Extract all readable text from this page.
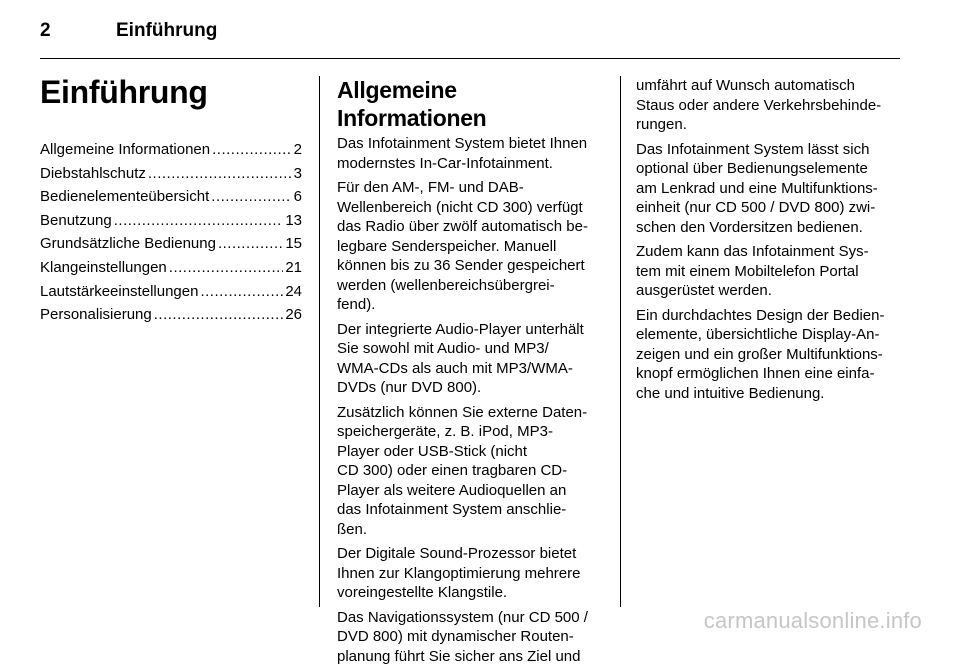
2	Einführung
Einführung
Allgemeine Informationen .....	2
Diebstahlschutz .....	3
Bedienelementeübersicht .....	6
Benutzung .....	13
Grundsätzliche Bedienung .....	15
Klangeinstellungen .....	21
Lautstärkeeinstellungen .....	24
Personalisierung .....	26
Allgemeine Informationen

Das Infotainment System bietet Ihnen
modernstes In-Car-Infotainment.

Für den AM-, FM- und DAB-
Wellenbereich (nicht CD 300) verfügt
das Radio über zwölf automatisch be-
legbare Senderspeicher. Manuell
können bis zu 36 Sender gespeichert
werden (wellenbereichsübergrei-
fend).

Der integrierte Audio-Player unterhält
Sie sowohl mit Audio- und MP3/
WMA-CDs als auch mit MP3/WMA-
DVDs (nur DVD 800).

Zusätzlich können Sie externe Daten-
speichergeräte, z. B. iPod, MP3-
Player oder USB-Stick (nicht
CD 300) oder einen tragbaren CD-
Player als weitere Audioquellen an
das Infotainment System anschlie-
ßen.

Der Digitale Sound-Prozessor bietet
Ihnen zur Klangoptimierung mehrere
voreingestellte Klangstile.

Das Navigationssystem (nur CD 500 /
DVD 800) mit dynamischer Routen-
planung führt Sie sicher ans Ziel und

umfährt auf Wunsch automatisch
Staus oder andere Verkehrsbehinde-
rungen.

Das Infotainment System lässt sich
optional über Bedienungselemente
am Lenkrad und eine Multifunktions-
einheit (nur CD 500 / DVD 800) zwi-
schen den Vordersitzen bedienen.

Zudem kann das Infotainment Sys-
tem mit einem Mobiltelefon Portal
ausgerüstet werden.

Ein durchdachtes Design der Bedien-
elemente, übersichtliche Display-An-
zeigen und ein großer Multifunktions-
knopf ermöglichen Ihnen eine einfa-
che und intuitive Bedienung.

carmanualsonline.info
